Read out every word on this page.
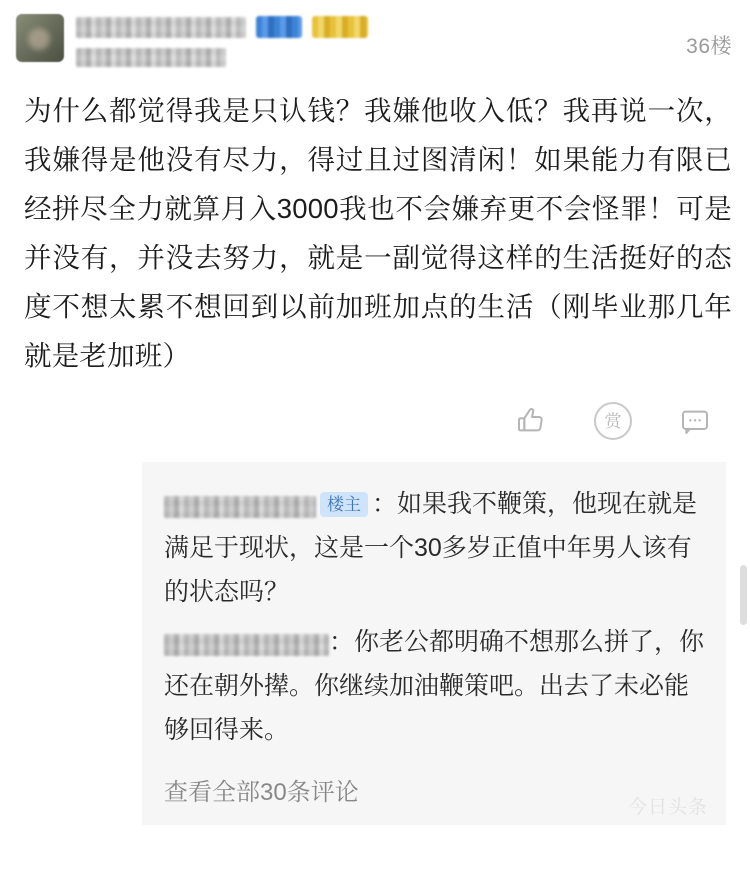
36楼
为什么都觉得我是只认钱？我嫌他收入低？我再说一次，我嫌得是他没有尽力，得过且过图清闲！如果能力有限已经拼尽全力就算月入3000我也不会嫌弃更不会怪罪！可是并没有，并没去努力，就是一副觉得这样的生活挺好的态度不想太累不想回到以前加班加点的生活（刚毕业那几年就是老加班）
赏
楼主 ：如果我不鞭策，他现在就是满足于现状，这是一个30多岁正值中年男人该有的状态吗？
：你老公都明确不想那么拼了，你还在朝外撵。你继续加油鞭策吧。出去了未必能够回得来。
查看全部30条评论
今日头条
